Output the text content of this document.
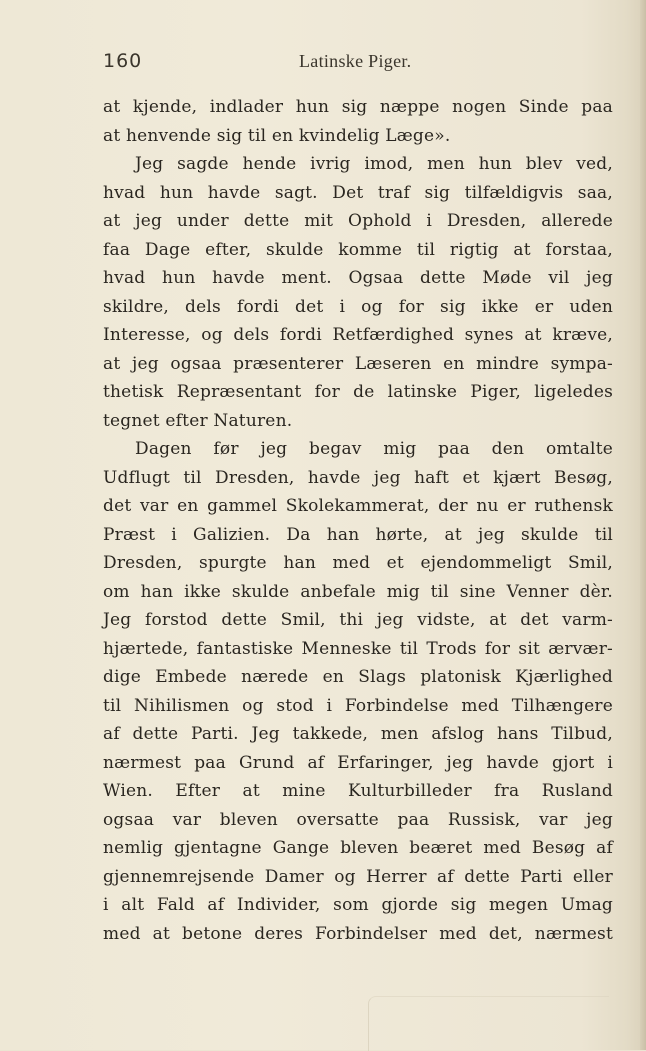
160	Latinske Piger.
at kjende, indlader hun sig næppe nogen Sinde paa
at henvende sig til en kvindelig Læge».
Jeg sagde hende ivrig imod, men hun blev ved,
hvad hun havde sagt. Det traf sig tilfældigvis saa,
at jeg under dette mit Ophold i Dresden, allerede
faa Dage efter, skulde komme til rigtig at forstaa,
hvad hun havde ment. Ogsaa dette Møde vil jeg
skildre, dels fordi det i og for sig ikke er uden
Interesse, og dels fordi Retfærdighed synes at kræve,
at jeg ogsaa præsenterer Læseren en mindre sympa-
thetisk Repræsentant for de latinske Piger, ligeledes
tegnet efter Naturen.
Dagen før jeg begav mig paa den omtalte
Udflugt til Dresden, havde jeg haft et kjært Besøg,
det var en gammel Skolekammerat, der nu er ruthensk
Præst i Galizien. Da han hørte, at jeg skulde til
Dresden, spurgte han med et ejendommeligt Smil,
om han ikke skulde anbefale mig til sine Venner dèr.
Jeg forstod dette Smil, thi jeg vidste, at det varm-
hjærtede, fantastiske Menneske til Trods for sit ærvær-
dige Embede nærede en Slags platonisk Kjærlighed
til Nihilismen og stod i Forbindelse med Tilhængere
af dette Parti. Jeg takkede, men afslog hans Tilbud,
nærmest paa Grund af Erfaringer, jeg havde gjort i
Wien. Efter at mine Kulturbilleder fra Rusland
ogsaa var bleven oversatte paa Russisk, var jeg
nemlig gjentagne Gange bleven beæret med Besøg af
gjennemrejsende Damer og Herrer af dette Parti eller
i alt Fald af Individer, som gjorde sig megen Umag
med at betone deres Forbindelser med det, nærmest
